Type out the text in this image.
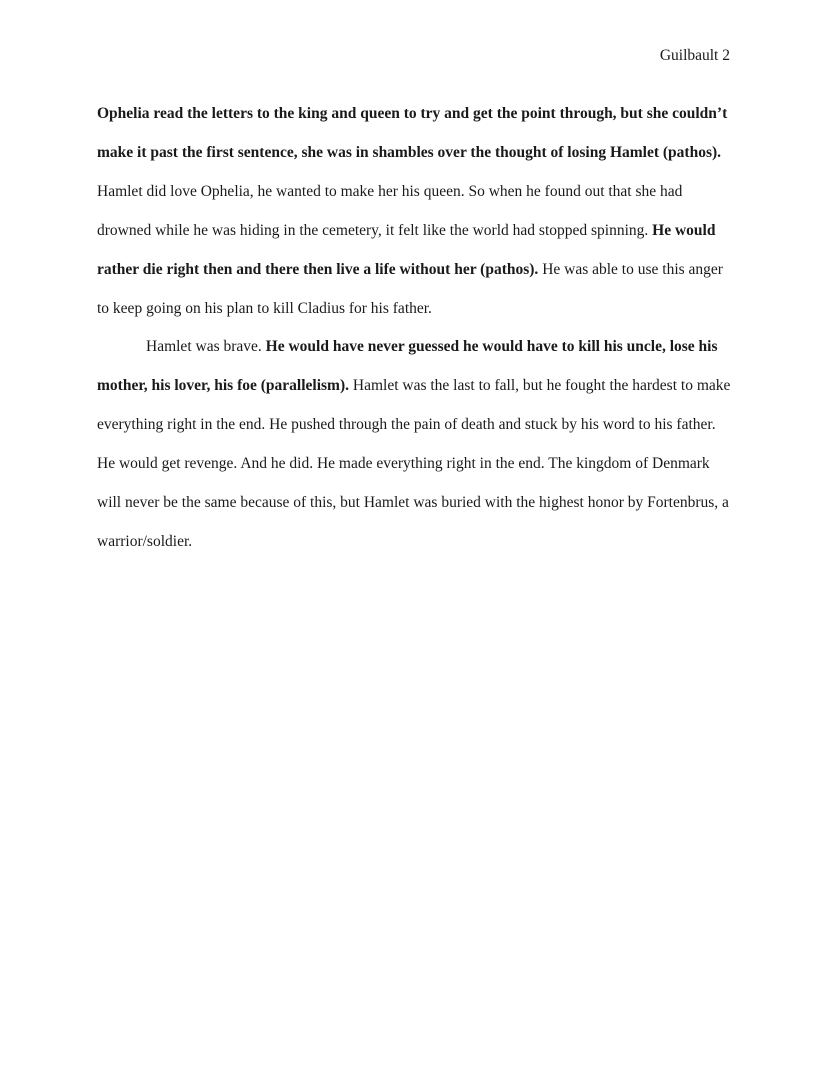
Guilbault 2

Ophelia read the letters to the king and queen to try and get the point through, but she couldn’t make it past the first sentence, she was in shambles over the thought of losing Hamlet (pathos). Hamlet did love Ophelia, he wanted to make her his queen. So when he found out that she had drowned while he was hiding in the cemetery, it felt like the world had stopped spinning. He would rather die right then and there then live a life without her (pathos). He was able to use this anger to keep going on his plan to kill Cladius for his father.

Hamlet was brave. He would have never guessed he would have to kill his uncle, lose his mother, his lover, his foe (parallelism). Hamlet was the last to fall, but he fought the hardest to make everything right in the end. He pushed through the pain of death and stuck by his word to his father. He would get revenge. And he did. He made everything right in the end. The kingdom of Denmark will never be the same because of this, but Hamlet was buried with the highest honor by Fortenbrus, a warrior/soldier.
